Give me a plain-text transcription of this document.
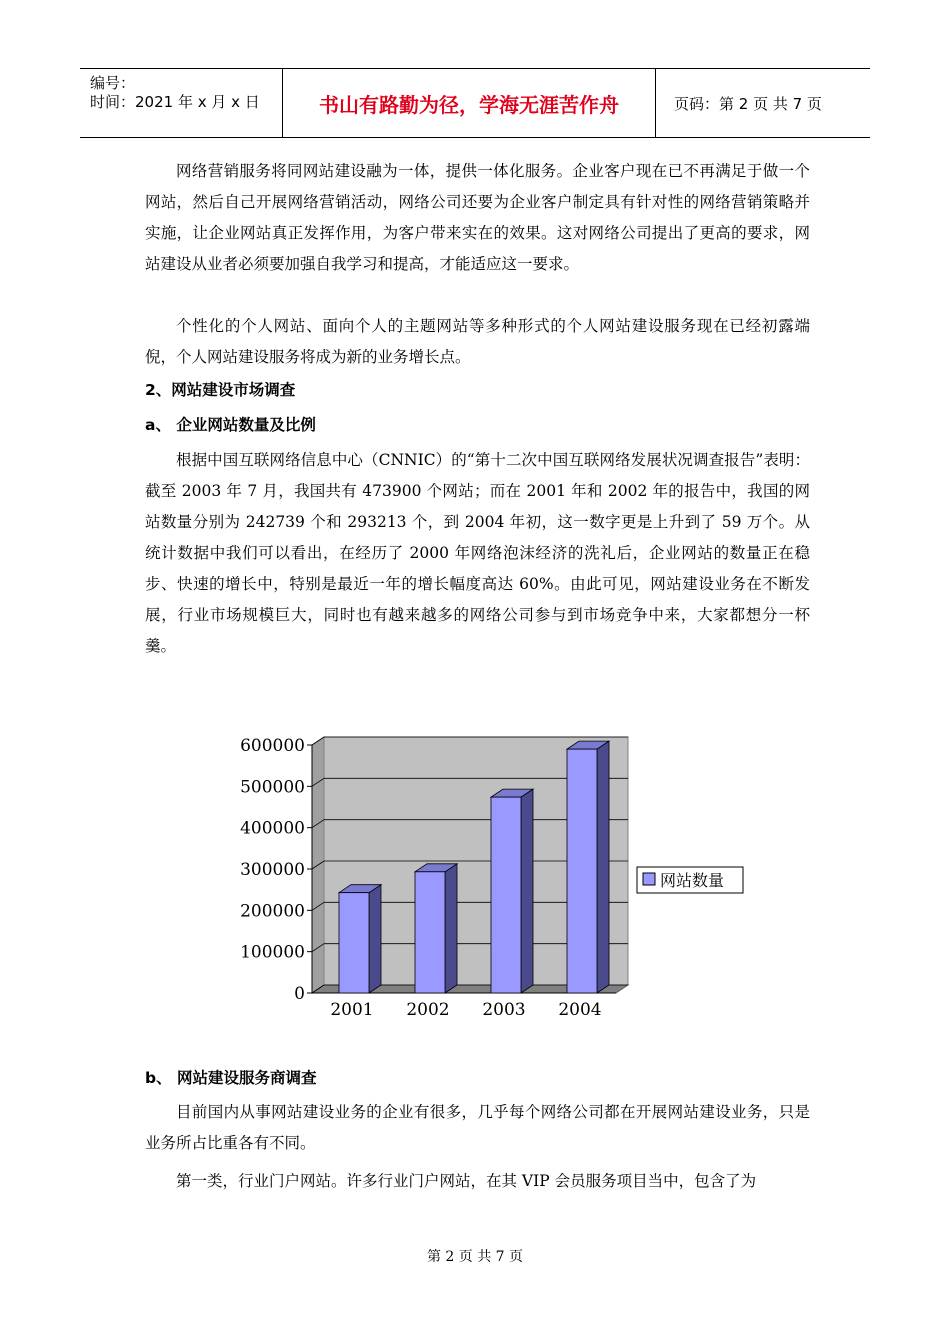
编号：
时间：2021 年 x 月 x 日	书山有路勤为径，学海无涯苦作舟	页码：第 2 页 共 7 页

网络营销服务将同网站建设融为一体，提供一体化服务。企业客户现在已不再满足于做一个网站，然后自己开展网络营销活动，网络公司还要为企业客户制定具有针对性的网络营销策略并实施，让企业网站真正发挥作用，为客户带来实在的效果。这对网络公司提出了更高的要求，网站建设从业者必须要加强自我学习和提高，才能适应这一要求。

个性化的个人网站、面向个人的主题网站等多种形式的个人网站建设服务现在已经初露端倪，个人网站建设服务将成为新的业务增长点。

2、网站建设市场调查

a、 企业网站数量及比例

根据中国互联网络信息中心（CNNIC）的“第十二次中国互联网络发展状况调查报告”表明：截至 2003 年 7 月，我国共有 473900 个网站；而在 2001 年和 2002 年的报告中，我国的网站数量分别为 242739 个和 293213 个，到 2004 年初，这一数字更是上升到了 59 万个。从统计数据中我们可以看出，在经历了 2000 年网络泡沫经济的洗礼后，企业网站的数量正在稳步、快速的增长中，特别是最近一年的增长幅度高达 60%。由此可见，网站建设业务在不断发展，行业市场规模巨大，同时也有越来越多的网络公司参与到市场竞争中来，大家都想分一杯羹。

0
100000
200000
300000
400000
500000
600000
2001 2002 2003 2004
网站数量

b、 网站建设服务商调查

目前国内从事网站建设业务的企业有很多，几乎每个网络公司都在开展网站建设业务，只是业务所占比重各有不同。

第一类，行业门户网站。许多行业门户网站，在其 VIP 会员服务项目当中，包含了为

第 2 页 共 7 页
